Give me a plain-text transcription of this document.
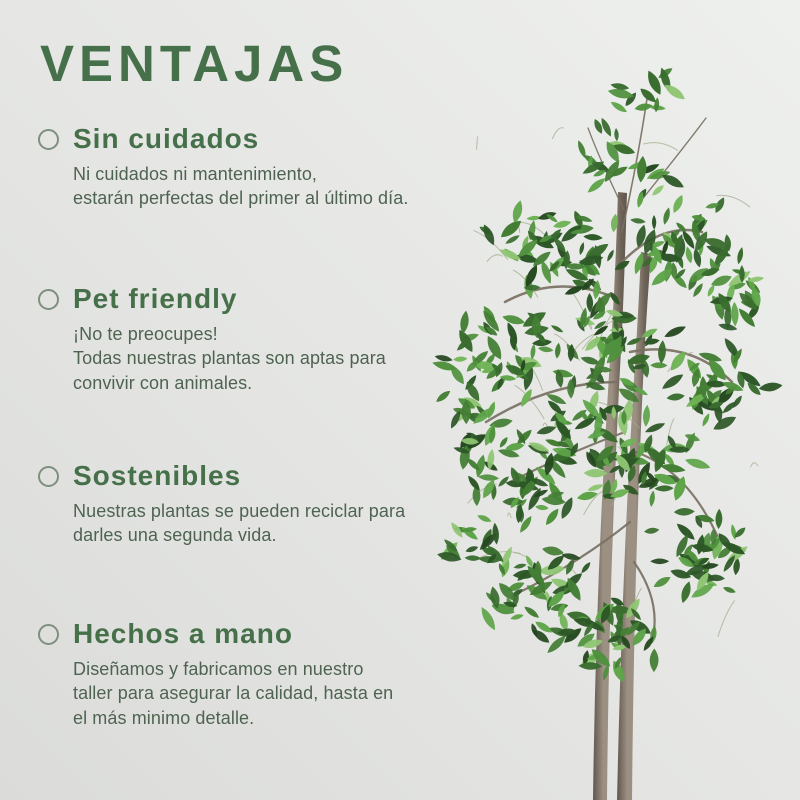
VENTAJAS
Sin cuidados
Ni cuidados ni mantenimiento,
estarán perfectas del primer al último día.
Pet friendly
¡No te preocupes!
Todas nuestras plantas son aptas para
convivir con animales.
Sostenibles
Nuestras plantas se pueden reciclar para
darles una segunda vida.
Hechos a mano
Diseñamos y fabricamos en nuestro
taller para asegurar la calidad, hasta en
el más minimo detalle.
